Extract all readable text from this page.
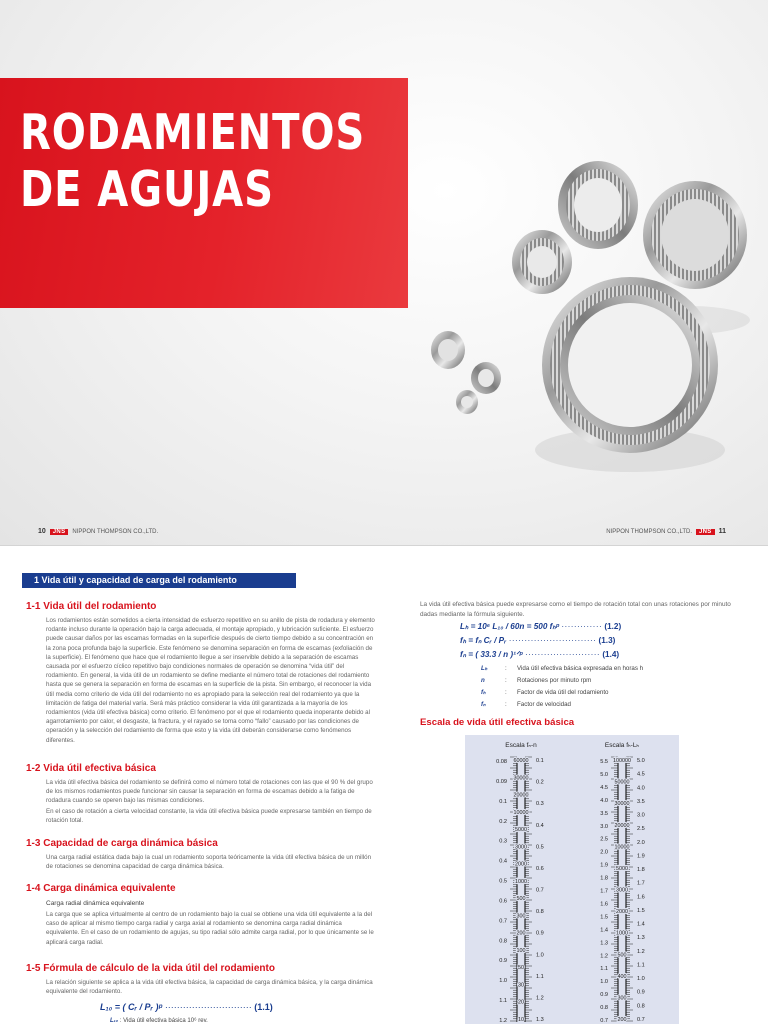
RODAMIENTOS
DE AGUJAS
10	JNS	NIPPON THOMPSON CO.,LTD.	NIPPON THOMPSON CO.,LTD.	JNS	11
1 Vida útil y capacidad de carga del rodamiento
1-1 Vida útil del rodamiento
Los rodamientos están sometidos a cierta intensidad de esfuerzo repetitivo en su anillo de pista de rodadura y elemento rodante incluso durante la operación bajo la carga adecuada, el montaje apropiado, y lubricación suficiente. El esfuerzo puede causar daños por las escamas formadas en la superficie después de cierto tiempo debido a su concentración en la zona poca profunda bajo la superficie. Este fenómeno se denomina separación en forma de escamas (exfoliación de la superficie). El fenómeno que hace que el rodamiento llegue a ser inservible debido a la separación de escamas causada por el esfuerzo cíclico repetitivo bajo condiciones normales de operación se denomina “vida útil” del rodamiento. En general, la vida útil de un rodamiento se define mediante el número total de rotaciones del rodamiento hasta que se genera la separación en forma de escamas en la superficie de la pista. Sin embargo, el reconocer la vida útil media como criterio de vida útil del rodamiento no es apropiado para la selección real del rodamiento ya que la limitación de fatiga del material varía. Será más práctico considerar la vida útil garantizada a la mayoría de los rodamientos (vida útil efectiva básica) como criterio. El fenómeno por el que el rodamiento queda inoperante debido al agarrotamiento por calor, el desgaste, la fractura, y el rayado se toma como “fallo” causado por las condiciones de operación y la selección del rodamiento de forma que esto y la vida útil deberán considerarse como fenómenos diferentes.
1-2 Vida útil efectiva básica
La vida útil efectiva básica del rodamiento se definirá como el número total de rotaciones con las que el 90 % del grupo de los mismos rodamientos puede funcionar sin causar la separación en forma de escamas debido a la fatiga de rodadura cuando se operen bajo las mismas condiciones.
En el caso de rotación a cierta velocidad constante, la vida útil efectiva básica puede expresarse también en tiempo de rotación total.
1-3 Capacidad de carga dinámica básica
Una carga radial estática dada bajo la cual un rodamiento soporta teóricamente la vida útil efectiva básica de un millón de rotaciones se denomina capacidad de carga dinámica básica.
1-4 Carga dinámica equivalente
Carga radial dinámica equivalente
La carga que se aplica virtualmente al centro de un rodamiento bajo la cual se obtiene una vida útil equivalente a la del caso de aplicar al mismo tiempo carga radial y carga axial al rodamiento se denomina carga radial dinámica equivalente. En el caso de un rodamiento de agujas, su tipo radial sólo admite carga radial, por lo que únicamente se le aplicará carga radial.
1-5 Fórmula de cálculo de la vida útil del rodamiento
La relación siguiente se aplica a la vida útil efectiva básica, la capacidad de carga dinámica básica, y la carga dinámica equivalente del rodamiento.
L₁₀ = ( Cᵣ / Pᵣ )ᵖ ····························· (1.1)
L₁₀ : Vida útil efectiva básica 10⁶ rev.
La vida útil efectiva básica puede expresarse como el tiempo de rotación total con unas rotaciones por minuto dadas mediante la fórmula siguiente.
Lₕ = 10⁶ L₁₀ / 60n = 500 fₕᵖ ············· (1.2)
fₕ = fₙ Cᵣ / Pᵣ ···························· (1.3)
fₙ = ( 33.3 / n )¹ᐟᵖ ························ (1.4)
Lₕ	: Vida útil efectiva básica expresada en horas h
n	: Rotaciones por minuto rpm
fₕ	: Factor de vida útil del rodamiento
fₙ	: Factor de velocidad
Escala de vida útil efectiva básica
Escala fₙ-n	Escala fₕ-Lₕ
0.08
0.09
0.1
0.2
0.3
0.4
0.5
0.6
0.7
0.8
0.9
1.0
1.1
1.2
60000
30000
20000
10000
5000
3000
2000
1000
500
300
200
100
50
30
20
10
0.1
0.2
0.3
0.4
0.5
0.6
0.7
0.8
0.9
1.0
1.1
1.2
1.3
5.5
5.0
4.5
4.0
3.5
3.0
2.5
2.0
1.9
1.8
1.7
1.6
1.5
1.4
1.3
1.2
1.1
1.0
0.9
0.8
0.7
100000
50000
30000
20000
10000
5000
3000
2000
1000
500
400
300
200
5.0
4.5
4.0
3.5
3.0
2.5
2.0
1.9
1.8
1.7
1.6
1.5
1.4
1.3
1.2
1.1
1.0
0.9
0.8
0.7
